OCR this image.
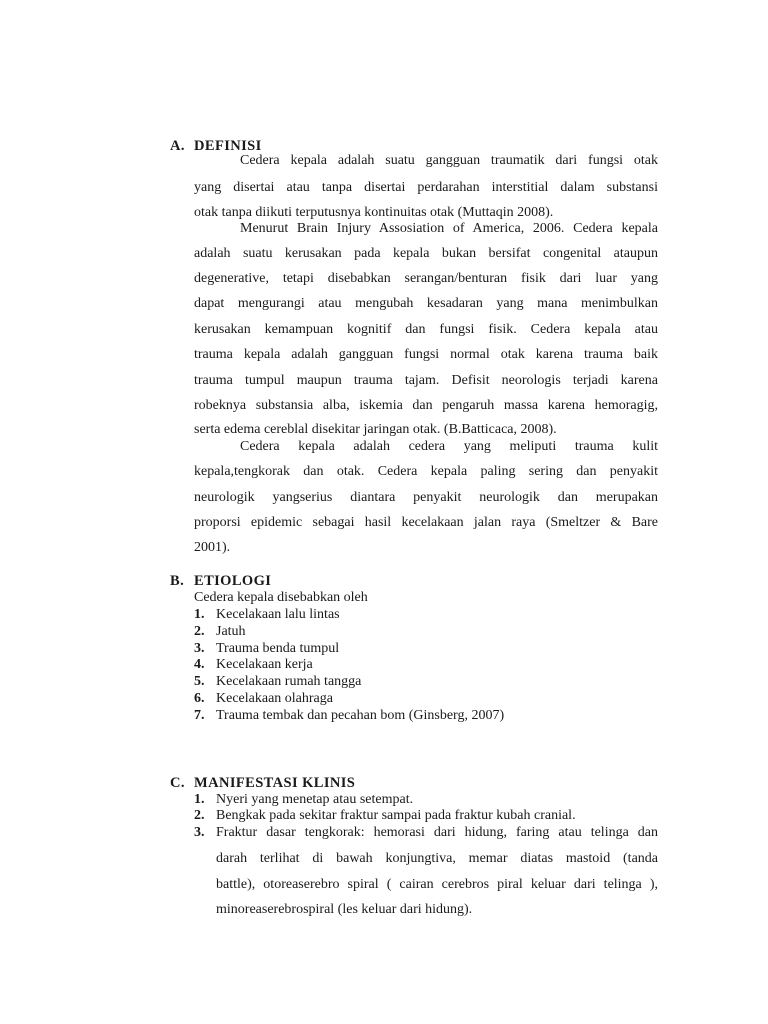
A. DEFINISI
Cedera kepala adalah suatu gangguan traumatik dari fungsi otak
yang disertai atau tanpa disertai perdarahan interstitial dalam substansi
otak tanpa diikuti terputusnya kontinuitas otak (Muttaqin 2008).
Menurut Brain Injury Assosiation of America, 2006. Cedera kepala
adalah suatu kerusakan pada kepala bukan bersifat congenital ataupun
degenerative, tetapi disebabkan serangan/benturan fisik dari luar yang
dapat mengurangi atau mengubah kesadaran yang mana menimbulkan
kerusakan kemampuan kognitif dan fungsi fisik. Cedera kepala atau
trauma kepala adalah gangguan fungsi normal otak karena trauma baik
trauma tumpul maupun trauma tajam. Defisit neorologis terjadi karena
robeknya substansia alba, iskemia dan pengaruh massa karena hemoragig,
serta edema cereblal disekitar jaringan otak. (B.Batticaca, 2008).
Cedera kepala adalah cedera yang meliputi trauma kulit
kepala,tengkorak dan otak. Cedera kepala paling sering dan penyakit
neurologik yangserius diantara penyakit neurologik dan merupakan
proporsi epidemic sebagai hasil kecelakaan jalan raya (Smeltzer & Bare
2001).
B. ETIOLOGI
Cedera kepala disebabkan oleh
1. Kecelakaan lalu lintas
2. Jatuh
3. Trauma benda tumpul
4. Kecelakaan kerja
5. Kecelakaan rumah tangga
6. Kecelakaan olahraga
7. Trauma tembak dan pecahan bom (Ginsberg, 2007)
C. MANIFESTASI KLINIS
1. Nyeri yang menetap atau setempat.
2. Bengkak pada sekitar fraktur sampai pada fraktur kubah cranial.
3. Fraktur dasar tengkorak: hemorasi dari hidung, faring atau telinga dan
darah terlihat di bawah konjungtiva, memar diatas mastoid (tanda
battle), otoreaserebro spiral ( cairan cerebros piral keluar dari telinga ),
minoreaserebrospiral (les keluar dari hidung).
